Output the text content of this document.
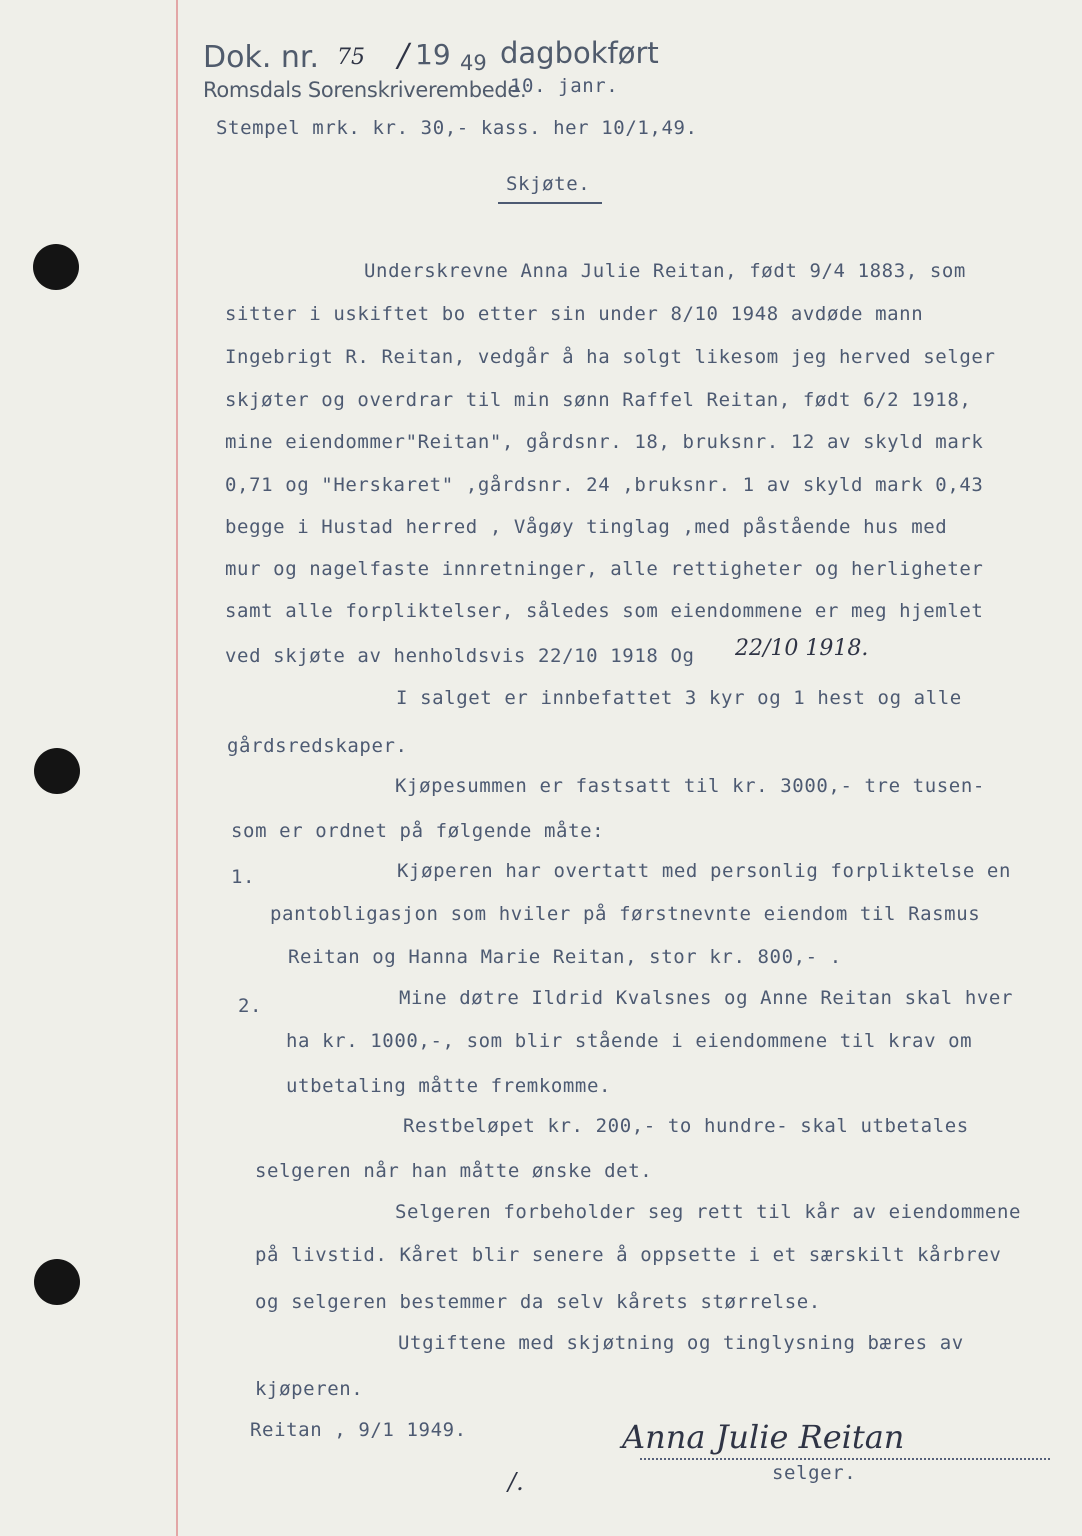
Dok. nr. 75 / 19 49 dagbokført
Romsdals Sorenskriverembede.
10. janr.
Stempel mrk. kr. 30,- kass. her 10/1,49.
Skjøte.
Underskrevne Anna Julie Reitan, født 9/4 1883, som
sitter i uskiftet bo etter sin under 8/10 1948 avdøde mann
Ingebrigt R. Reitan, vedgår å ha solgt likesom jeg herved selger
skjøter og overdrar til min sønn Raffel Reitan, født 6/2 1918,
mine eiendommer"Reitan", gårdsnr. 18, bruksnr. 12 av skyld mark
0,71 og "Herskaret" ,gårdsnr. 24 ,bruksnr. 1 av skyld mark 0,43
begge i Hustad herred , Vågøy tinglag ,med påstående hus med
mur og nagelfaste innretninger, alle rettigheter og herligheter
samt alle forpliktelser, således som eiendommene er meg hjemlet
ved skjøte av henholdsvis 22/10 1918 Og 22/10 1918.
I salget er innbefattet 3 kyr og 1 hest og alle
gårdsredskaper.
Kjøpesummen er fastsatt til kr. 3000,- tre tusen-
som er ordnet på følgende måte:
1.	Kjøperen har overtatt med personlig forpliktelse en
pantobligasjon som hviler på førstnevnte eiendom til Rasmus
Reitan og Hanna Marie Reitan, stor kr. 800,- .
2.	Mine døtre Ildrid Kvalsnes og Anne Reitan skal hver
ha kr. 1000,-, som blir stående i eiendommene til krav om
utbetaling måtte fremkomme.
Restbeløpet kr. 200,- to hundre- skal utbetales
selgeren når han måtte ønske det.
Selgeren forbeholder seg rett til kår av eiendommene
på livstid. Kåret blir senere å oppsette i et særskilt kårbrev
og selgeren bestemmer da selv kårets størrelse.
Utgiftene med skjøtning og tinglysning bæres av
kjøperen.
Reitan , 9/1 1949.	Anna Julie Reitan
selger.
/.
